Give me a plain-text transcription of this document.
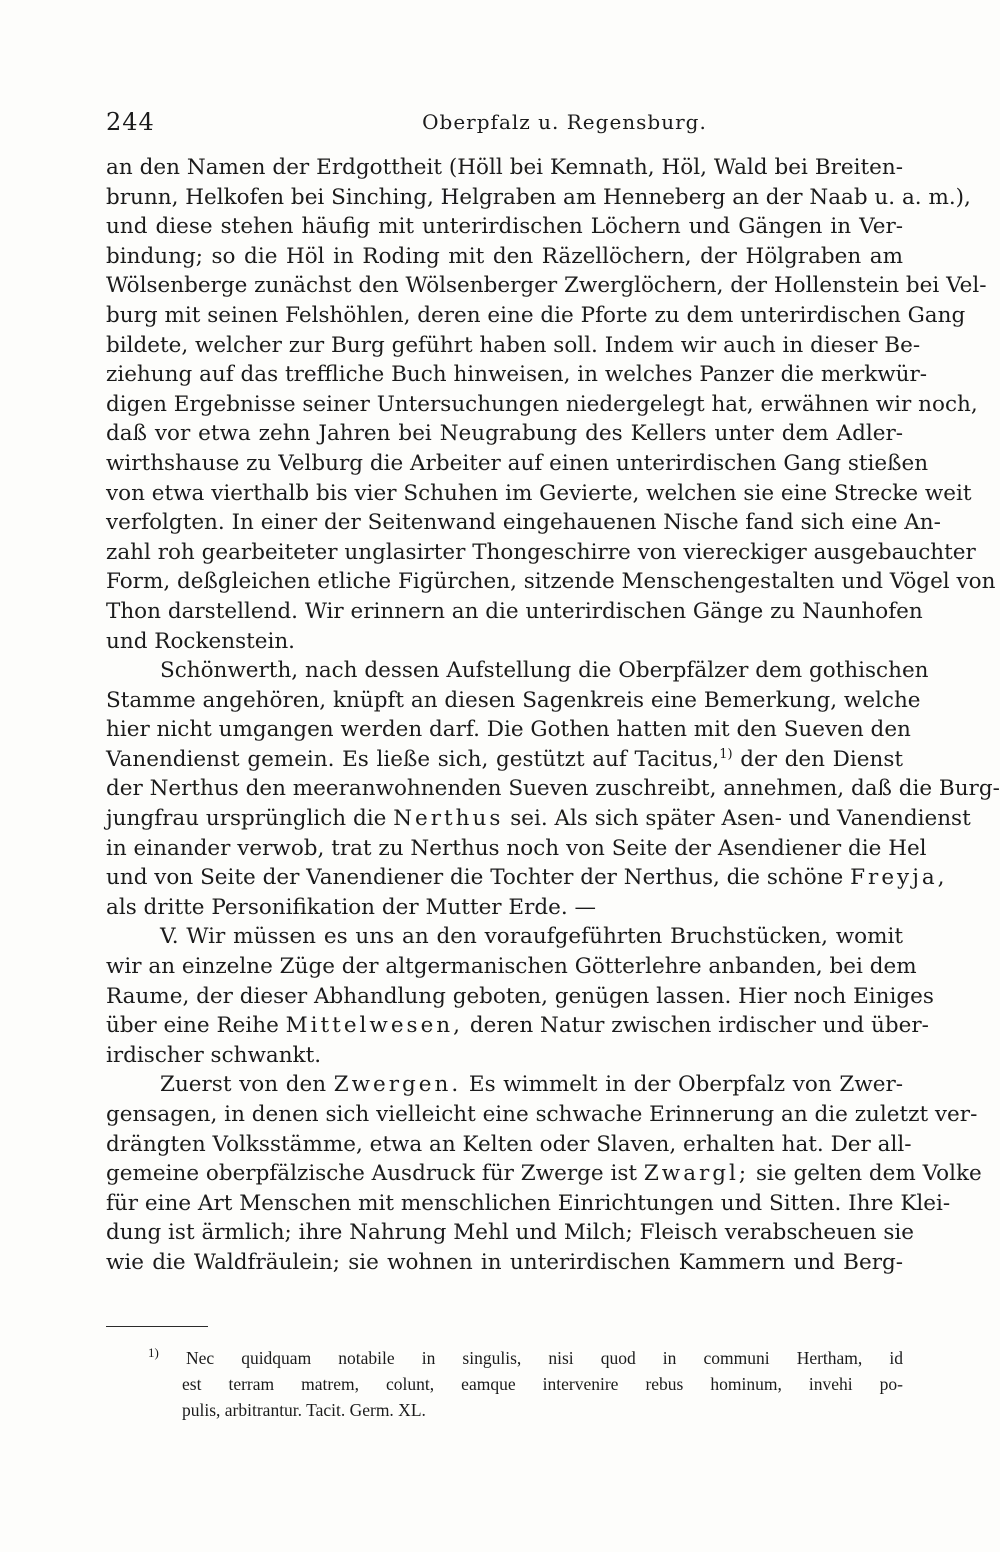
244	Oberpfalz u. Regensburg.
an den Namen der Erdgottheit (Höll bei Kemnath, Höl, Wald bei Breiten-
brunn, Helkofen bei Sinching, Helgraben am Henneberg an der Naab u. a. m.),
und diese stehen häufig mit unterirdischen Löchern und Gängen in Ver-
bindung; so die Höl in Roding mit den Räzellöchern, der Hölgraben am
Wölsenberge zunächst den Wölsenberger Zwerglöchern, der Hollenstein bei Vel-
burg mit seinen Felshöhlen, deren eine die Pforte zu dem unterirdischen Gang
bildete, welcher zur Burg geführt haben soll. Indem wir auch in dieser Be-
ziehung auf das treffliche Buch hinweisen, in welches Panzer die merkwür-
digen Ergebnisse seiner Untersuchungen niedergelegt hat, erwähnen wir noch,
daß vor etwa zehn Jahren bei Neugrabung des Kellers unter dem Adler-
wirthshause zu Velburg die Arbeiter auf einen unterirdischen Gang stießen
von etwa vierthalb bis vier Schuhen im Gevierte, welchen sie eine Strecke weit
verfolgten. In einer der Seitenwand eingehauenen Nische fand sich eine An-
zahl roh gearbeiteter unglasirter Thongeschirre von viereckiger ausgebauchter
Form, deßgleichen etliche Figürchen, sitzende Menschengestalten und Vögel von
Thon darstellend. Wir erinnern an die unterirdischen Gänge zu Naunhofen
und Rockenstein.
Schönwerth, nach dessen Aufstellung die Oberpfälzer dem gothischen
Stamme angehören, knüpft an diesen Sagenkreis eine Bemerkung, welche
hier nicht umgangen werden darf. Die Gothen hatten mit den Sueven den
Vanendienst gemein. Es ließe sich, gestützt auf Tacitus,$^{1)}$ der den Dienst
der Nerthus den meeranwohnenden Sueven zuschreibt, annehmen, daß die Burg-
jungfrau ursprünglich die Nerthus sei. Als sich später Asen- und Vanendienst
in einander verwob, trat zu Nerthus noch von Seite der Asendiener die Hel
und von Seite der Vanendiener die Tochter der Nerthus, die schöne Freyja,
als dritte Personifikation der Mutter Erde. —
V. Wir müssen es uns an den voraufgeführten Bruchstücken, womit
wir an einzelne Züge der altgermanischen Götterlehre anbanden, bei dem
Raume, der dieser Abhandlung geboten, genügen lassen. Hier noch Einiges
über eine Reihe Mittelwesen, deren Natur zwischen irdischer und über-
irdischer schwankt.
Zuerst von den Zwergen. Es wimmelt in der Oberpfalz von Zwer-
gensagen, in denen sich vielleicht eine schwache Erinnerung an die zuletzt ver-
drängten Volksstämme, etwa an Kelten oder Slaven, erhalten hat. Der all-
gemeine oberpfälzische Ausdruck für Zwerge ist Zwargl; sie gelten dem Volke
für eine Art Menschen mit menschlichen Einrichtungen und Sitten. Ihre Klei-
dung ist ärmlich; ihre Nahrung Mehl und Milch; Fleisch verabscheuen sie
wie die Waldfräulein; sie wohnen in unterirdischen Kammern und Berg-
$^{1)}$ Nec quidquam notabile in singulis, nisi quod in communi Hertham, id
est terram matrem, colunt, eamque intervenire rebus hominum, invehi po-
pulis, arbitrantur. Tacit. Germ. XL.
